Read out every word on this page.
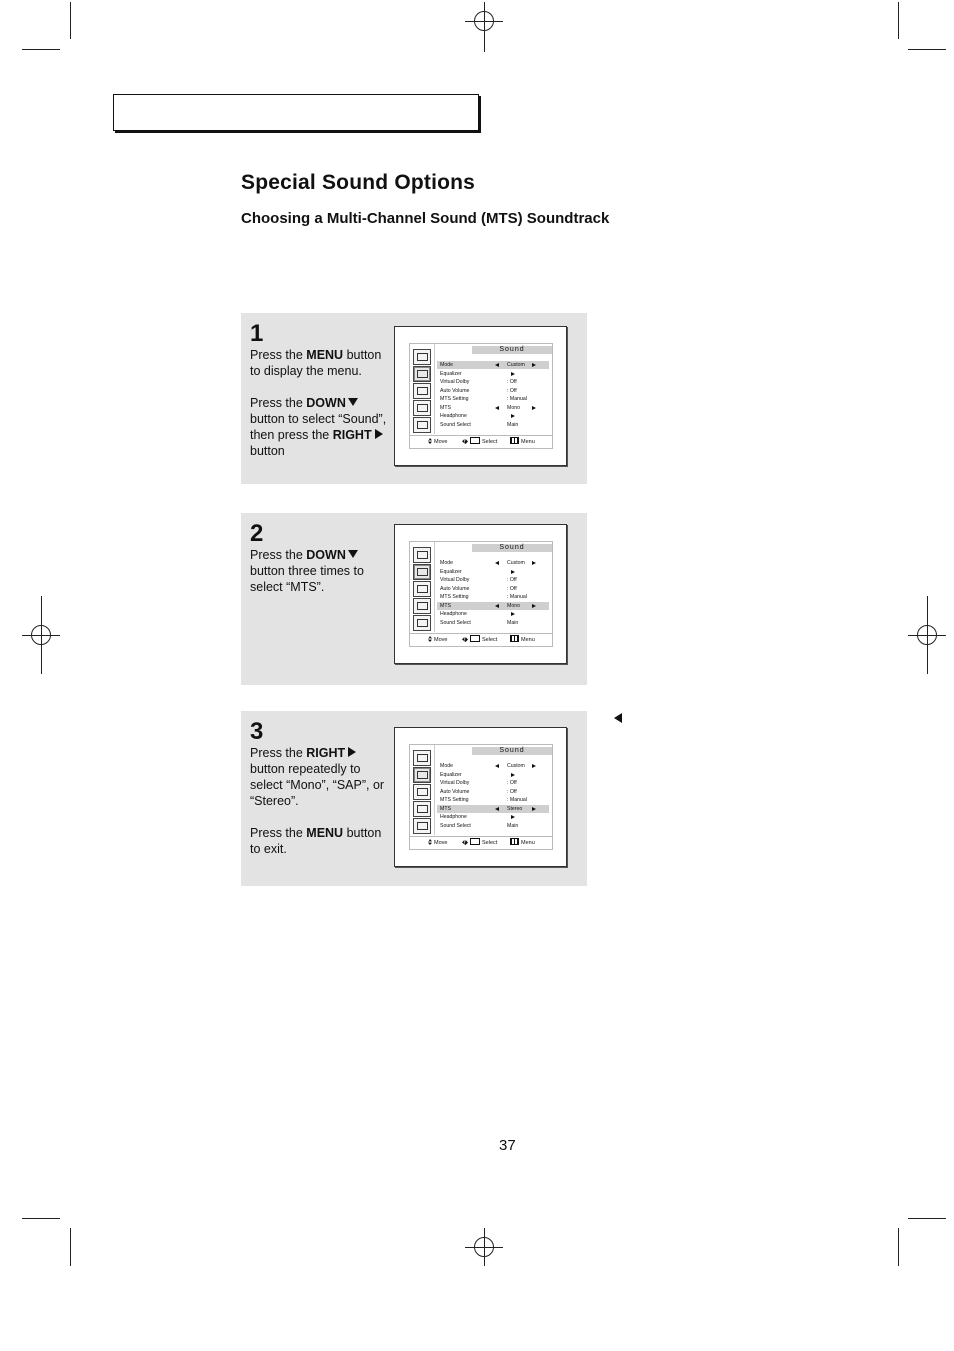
Special Sound Options
Choosing a Multi-Channel Sound (MTS) Soundtrack
1

Press the MENU button to display the menu.

Press the DOWN button to select “Sound”, then press the RIGHT button

Sound
Mode	Custom
Equalizer
Virtual Dolby	: Off
Auto Volume	: Off
MTS Setting	: Manual
MTS	Mono
Headphone
Sound Select	Main
Move	Select	Menu
2

Press the DOWN button three times to select “MTS”.

Sound
Mode	Custom
Equalizer
Virtual Dolby	: Off
Auto Volume	: Off
MTS Setting	: Manual
MTS	Mono
Headphone
Sound Select	Main
Move	Select	Menu
3

Press the RIGHT button repeatedly to select “Mono”, “SAP”, or “Stereo”.

Press the MENU button to exit.

Sound
Mode	Custom
Equalizer
Virtual Dolby	: Off
Auto Volume	: Off
MTS Setting	: Manual
MTS	Stereo
Headphone
Sound Select	Main
Move	Select	Menu
37
